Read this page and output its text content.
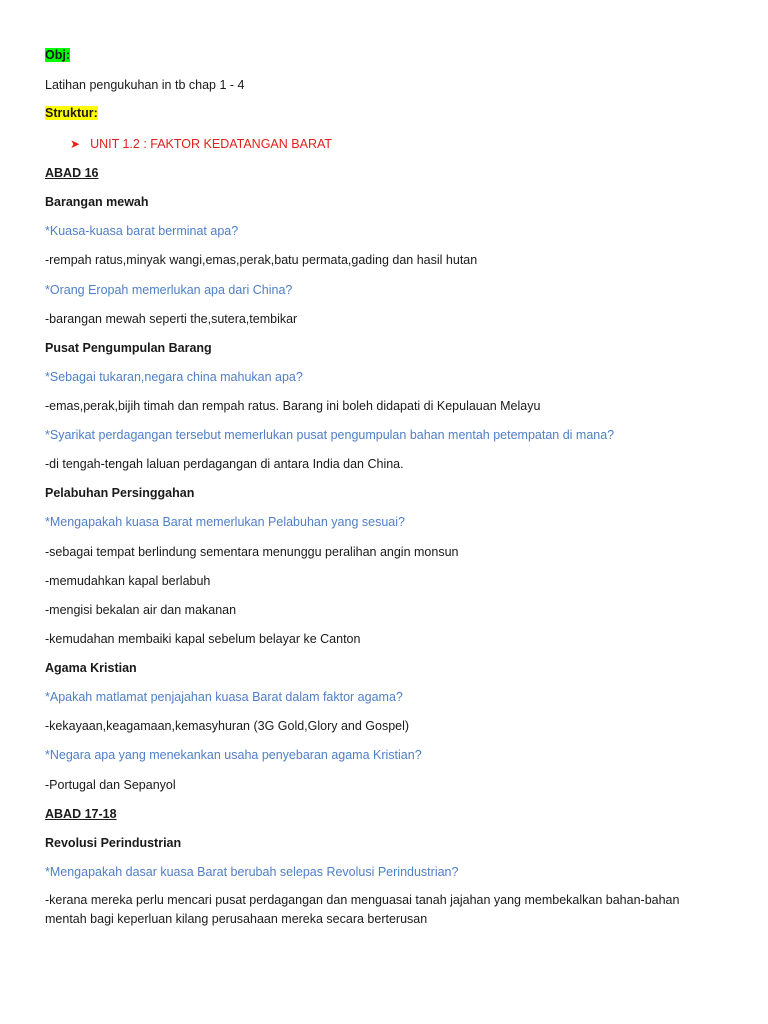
Obj:
Latihan pengukuhan in tb chap 1 - 4
Struktur:
➤ UNIT 1.2 : FAKTOR KEDATANGAN BARAT
ABAD 16
Barangan mewah
*Kuasa-kuasa barat berminat apa?
-rempah ratus,minyak wangi,emas,perak,batu permata,gading dan hasil hutan
*Orang Eropah memerlukan apa dari China?
-barangan mewah seperti the,sutera,tembikar
Pusat Pengumpulan Barang
*Sebagai tukaran,negara china mahukan apa?
-emas,perak,bijih timah dan rempah ratus. Barang ini boleh didapati di Kepulauan Melayu
*Syarikat perdagangan tersebut memerlukan pusat pengumpulan bahan mentah petempatan di mana?
-di tengah-tengah laluan perdagangan di antara India dan China.
Pelabuhan Persinggahan
*Mengapakah kuasa Barat memerlukan Pelabuhan yang sesuai?
-sebagai tempat berlindung sementara menunggu peralihan angin monsun
-memudahkan kapal berlabuh
-mengisi bekalan air dan makanan
-kemudahan membaiki kapal sebelum belayar ke Canton
Agama Kristian
*Apakah matlamat penjajahan kuasa Barat dalam faktor agama?
-kekayaan,keagamaan,kemasyhuran (3G Gold,Glory and Gospel)
*Negara apa yang menekankan usaha penyebaran agama Kristian?
-Portugal dan Sepanyol
ABAD 17-18
Revolusi Perindustrian
*Mengapakah dasar kuasa Barat berubah selepas Revolusi Perindustrian?
-kerana mereka perlu mencari pusat perdagangan dan menguasai tanah jajahan yang membekalkan bahan-bahan mentah bagi keperluan kilang perusahaan mereka secara berterusan
